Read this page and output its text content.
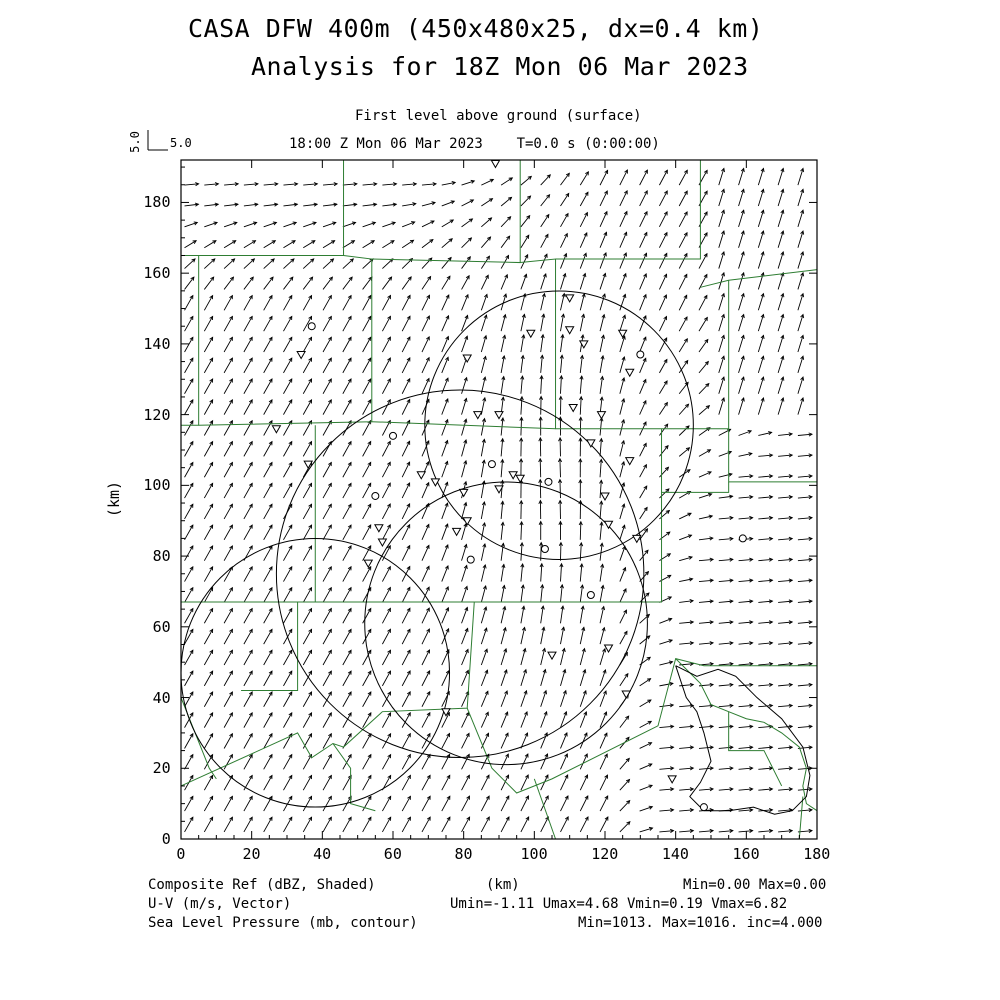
CASA DFW 400m (450x480x25, dx=0.4 km)
Analysis for 18Z Mon 06 Mar 2023
First level above ground (surface)
18:00 Z Mon 06 Mar 2023    T=0.0 s (0:00:00)
5.0 5.0
(km)
0	20	40	60	80	100	120	140	160	180
0
20
40
60
80
100
120
140
160
180
Composite Ref (dBZ, Shaded)
U-V (m/s, Vector)
Sea Level Pressure (mb, contour)
(km)	Min=0.00 Max=0.00
Umin=-1.11 Umax=4.68 Vmin=0.19 Vmax=6.82
Min=1013. Max=1016. inc=4.000
